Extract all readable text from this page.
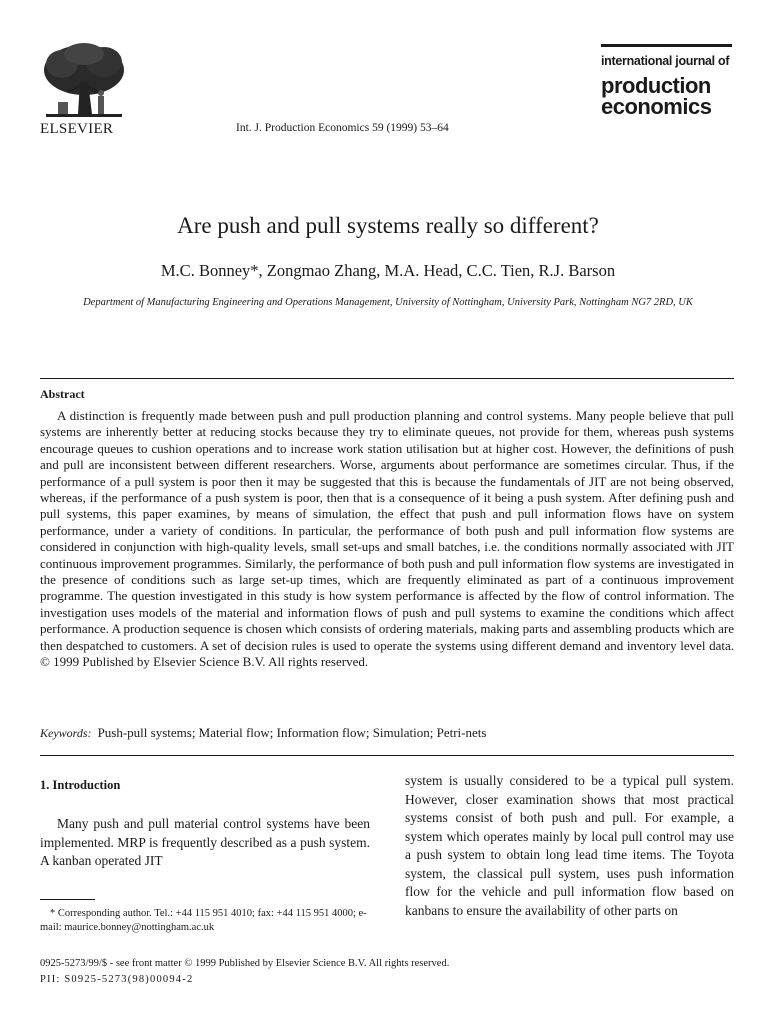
ELSEVIER	Int. J. Production Economics 59 (1999) 53–64
international journal of
production
economics
Are push and pull systems really so different?
M.C. Bonney*, Zongmao Zhang, M.A. Head, C.C. Tien, R.J. Barson
Department of Manufacturing Engineering and Operations Management, University of Nottingham, University Park, Nottingham NG7 2RD, UK
Abstract

A distinction is frequently made between push and pull production planning and control systems. Many people believe that pull systems are inherently better at reducing stocks because they try to eliminate queues, not provide for them, whereas push systems encourage queues to cushion operations and to increase work station utilisation but at higher cost. However, the definitions of push and pull are inconsistent between different researchers. Worse, arguments about performance are sometimes circular. Thus, if the performance of a pull system is poor then it may be suggested that this is because the fundamentals of JIT are not being observed, whereas, if the performance of a push system is poor, then that is a consequence of it being a push system. After defining push and pull systems, this paper examines, by means of simulation, the effect that push and pull information flows have on system performance, under a variety of conditions. In particular, the performance of both push and pull information flow systems are considered in conjunction with high-quality levels, small set-ups and small batches, i.e. the conditions normally associated with JIT continuous improvement programmes. Similarly, the performance of both push and pull information flow systems are investigated in the presence of conditions such as large set-up times, which are frequently eliminated as part of a continuous improvement programme. The question investigated in this study is how system performance is affected by the flow of control information. The investigation uses models of the material and information flows of push and pull systems to examine the conditions which affect performance. A production sequence is chosen which consists of ordering materials, making parts and assembling products which are then despatched to customers. A set of decision rules is used to operate the systems using different demand and inventory level data. © 1999 Published by Elsevier Science B.V. All rights reserved.

Keywords: Push-pull systems; Material flow; Information flow; Simulation; Petri-nets

1. Introduction

Many push and pull material control systems have been implemented. MRP is frequently described as a push system. A kanban operated JIT

system is usually considered to be a typical pull system. However, closer examination shows that most practical systems consist of both push and pull. For example, a system which operates mainly by local pull control may use a push system to obtain long lead time items. The Toyota system, the classical pull system, uses push information flow for the vehicle and pull information flow based on kanbans to ensure the availability of other parts on

* Corresponding author. Tel.: +44 115 951 4010; fax: +44 115 951 4000; e-mail: maurice.bonney@nottingham.ac.uk
0925-5273/99/$ - see front matter © 1999 Published by Elsevier Science B.V. All rights reserved.
PII: S0925-5273(98)00094-2
